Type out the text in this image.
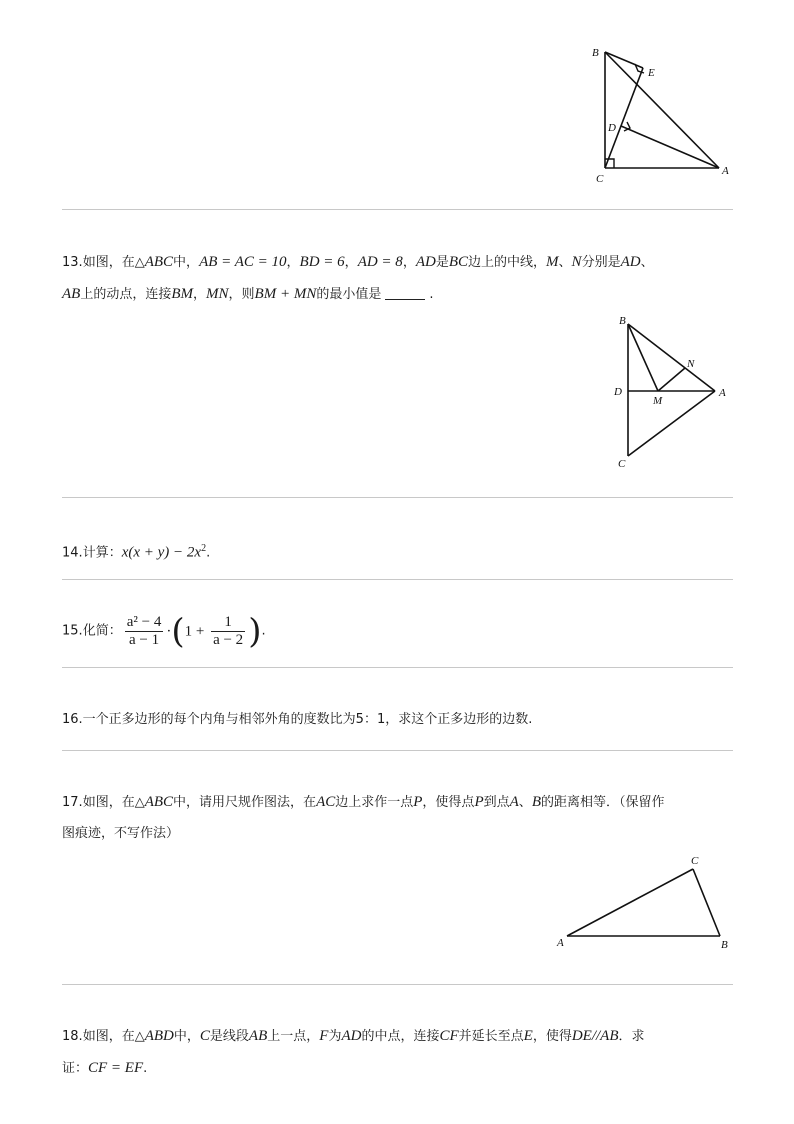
B
E
D
C
A
13.如图，在△ABC中，AB = AC = 10，BD = 6，AD = 8，AD是BC边上的中线，M、N分别是AD、
AB上的动点，连接BM，MN，则BM + MN的最小值是	.
B
N
D
M
A
C
14.计算：$x(x + y) - 2x^2$.
15.化简： $\frac{\text{a² − 4}}{a - 1} \cdot(1 + \frac{1}{a - 2}$ ).
16.一个正多边形的每个内角与相邻外角的度数比为5：1，求这个正多边形的边数.
17.如图，在△ABC中，请用尺规作图法，在AC边上求作一点P，使得点P到点A、B的距离相等．（保留作
图痕迹，不写作法）
C
A	B
18.如图，在△ABD中，C是线段AB上一点，F为AD的中点，连接CF并延长至点E，使得DE//AB．求
证：CF = EF.
